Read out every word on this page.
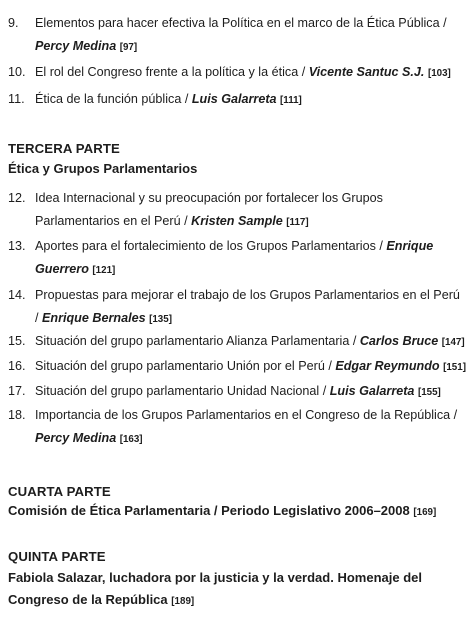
9.	Elementos para hacer efectiva la Política en el marco de la Ética Pública / Percy Medina [97]
10. El rol del Congreso frente a la política y la ética / Vicente Santuc S.J. [103]
11. Ética de la función pública / Luis Galarreta [111]
TERCERA PARTE
Ética y Grupos Parlamentarios
12. Idea Internacional y su preocupación por fortalecer los Grupos Parlamentarios en el Perú / Kristen Sample [117]
13. Aportes para el fortalecimiento de los Grupos Parlamentarios / Enrique Guerrero [121]
14. Propuestas para mejorar el trabajo de los Grupos Parlamentarios en el Perú / Enrique Bernales [135]
15. Situación del grupo parlamentario Alianza Parlamentaria / Carlos Bruce [147]
16. Situación del grupo parlamentario Unión por el Perú / Edgar Reymundo [151]
17. Situación del grupo parlamentario Unidad Nacional / Luis Galarreta [155]
18. Importancia de los Grupos Parlamentarios en el Congreso de la República / Percy Medina [163]
CUARTA PARTE
Comisión de Ética Parlamentaria / Periodo Legislativo 2006–2008 [169]
QUINTA PARTE
Fabiola Salazar, luchadora por la justicia y la verdad. Homenaje del Congreso de la República [189]
